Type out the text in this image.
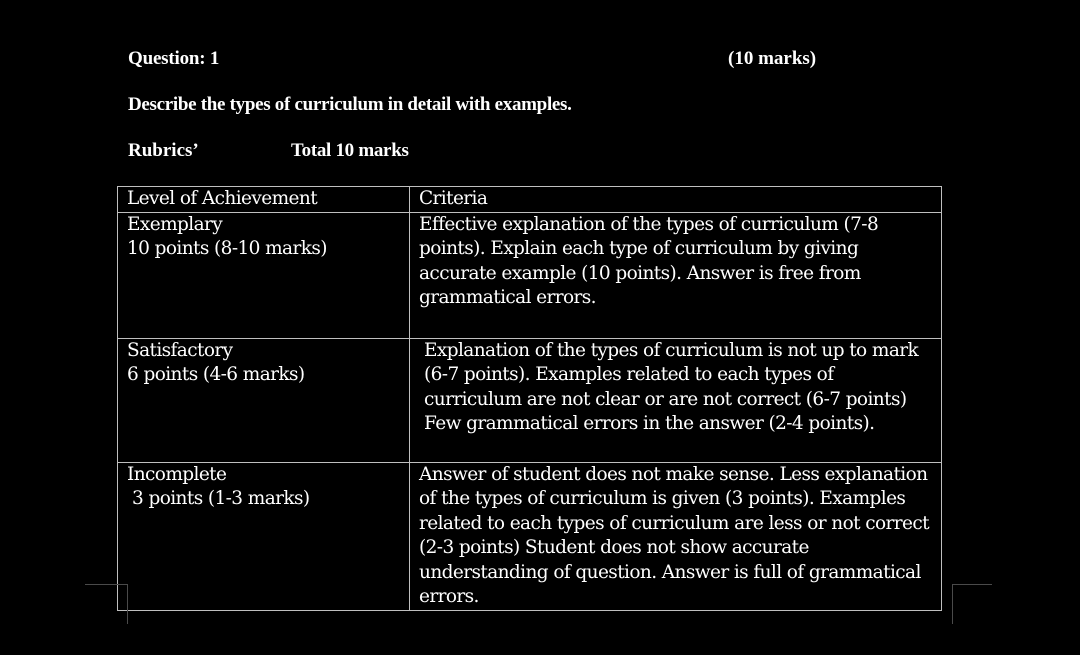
Question: 1	(10 marks)
Describe the types of curriculum in detail with examples.
Rubrics’	Total 10 marks
Level of Achievement	Criteria

Exemplary
10 points (8-10 marks)	Effective explanation of the types of curriculum (7-8 points). Explain each type of curriculum by giving accurate example (10 points). Answer is free from grammatical errors.

Satisfactory
6 points (4-6 marks)	Explanation of the types of curriculum is not up to mark (6-7 points). Examples related to each types of curriculum are not clear or are not correct (6-7 points) Few grammatical errors in the answer (2-4 points).

Incomplete
3 points (1-3 marks)	Answer of student does not make sense. Less explanation of the types of curriculum is given (3 points). Examples related to each types of curriculum are less or not correct (2-3 points) Student does not show accurate understanding of question. Answer is full of grammatical errors.
